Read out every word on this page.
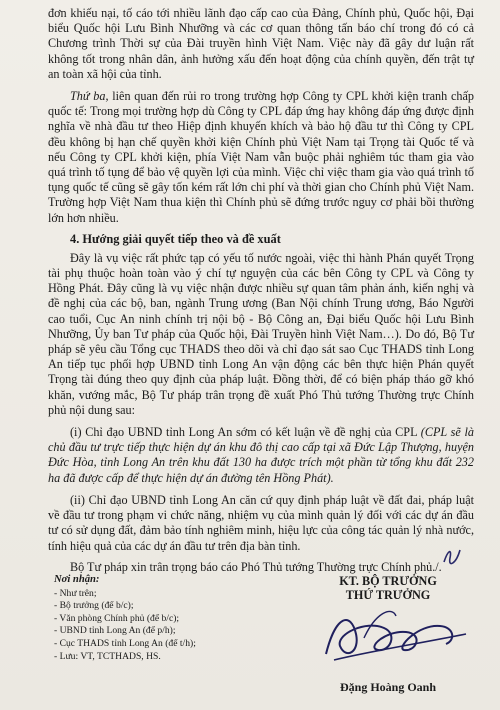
đơn khiếu nại, tố cáo tới nhiều lãnh đạo cấp cao của Đảng, Chính phủ, Quốc hội, Đại biểu Quốc hội Lưu Bình Nhưỡng và các cơ quan thông tấn báo chí trong đó có cả Chương trình Thời sự của Đài truyền hình Việt Nam. Việc này đã gây dư luận rất không tốt trong nhân dân, ảnh hưởng xấu đến hoạt động của chính quyền, đến trật tự an toàn xã hội của tỉnh.

Thứ ba, liên quan đến rủi ro trong trường hợp Công ty CPL khởi kiện tranh chấp quốc tế: Trong mọi trường hợp dù Công ty CPL đáp ứng hay không đáp ứng được định nghĩa về nhà đầu tư theo Hiệp định khuyến khích và bảo hộ đầu tư thì Công ty CPL đều không bị hạn chế quyền khởi kiện Chính phủ Việt Nam tại Trọng tài Quốc tế và nếu Công ty CPL khởi kiện, phía Việt Nam vẫn buộc phải nghiêm túc tham gia vào quá trình tố tụng để bảo vệ quyền lợi của mình. Việc chỉ việc tham gia vào quá trình tố tụng quốc tế cũng sẽ gây tốn kém rất lớn chi phí và thời gian cho Chính phủ Việt Nam. Trường hợp Việt Nam thua kiện thì Chính phủ sẽ đứng trước nguy cơ phải bồi thường lớn hơn nhiều.

4. Hướng giải quyết tiếp theo và đề xuất

Đây là vụ việc rất phức tạp có yếu tố nước ngoài, việc thi hành Phán quyết Trọng tài phụ thuộc hoàn toàn vào ý chí tự nguyện của các bên Công ty CPL và Công ty Hồng Phát. Đây cũng là vụ việc nhận được nhiều sự quan tâm phản ánh, kiến nghị và đề nghị của các bộ, ban, ngành Trung ương (Ban Nội chính Trung ương, Báo Người cao tuổi, Cục An ninh chính trị nội bộ - Bộ Công an, Đại biểu Quốc hội Lưu Bình Nhưỡng, Ủy ban Tư pháp của Quốc hội, Đài Truyền hình Việt Nam…). Do đó, Bộ Tư pháp sẽ yêu cầu Tổng cục THADS theo dõi và chỉ đạo sát sao Cục THADS tỉnh Long An tiếp tục phối hợp UBND tỉnh Long An vận động các bên thực hiện Phán quyết Trọng tài đúng theo quy định của pháp luật. Đồng thời, để có biện pháp tháo gỡ khó khăn, vướng mắc, Bộ Tư pháp trân trọng đề xuất Phó Thủ tướng Thường trực Chính phủ nội dung sau:

(i) Chỉ đạo UBND tỉnh Long An sớm có kết luận về đề nghị của CPL (CPL sẽ là chủ đầu tư trực tiếp thực hiện dự án khu đô thị cao cấp tại xã Đức Lập Thượng, huyện Đức Hòa, tỉnh Long An trên khu đất 130 ha được trích một phần từ tổng khu đất 232 ha đã được cấp để thực hiện dự án đường tên Hồng Phát).

(ii) Chỉ đạo UBND tỉnh Long An căn cứ quy định pháp luật về đất đai, pháp luật về đầu tư trong phạm vi chức năng, nhiệm vụ của mình quản lý đối với các dự án đầu tư có sử dụng đất, đảm bảo tính nghiêm minh, hiệu lực của công tác quản lý nhà nước, tính hiệu quả của các dự án đầu tư trên địa bàn tỉnh.

Bộ Tư pháp xin trân trọng báo cáo Phó Thủ tướng Thường trực Chính phủ./.

Nơi nhận:
- Như trên;
- Bộ trưởng (để b/c);
- Văn phòng Chính phủ (để b/c);
- UBND tỉnh Long An (để p/h);
- Cục THADS tỉnh Long An (để t/h);
- Lưu: VT, TCTHADS, HS.
KT. BỘ TRƯỞNG
THỨ TRƯỞNG
Đặng Hoàng Oanh
